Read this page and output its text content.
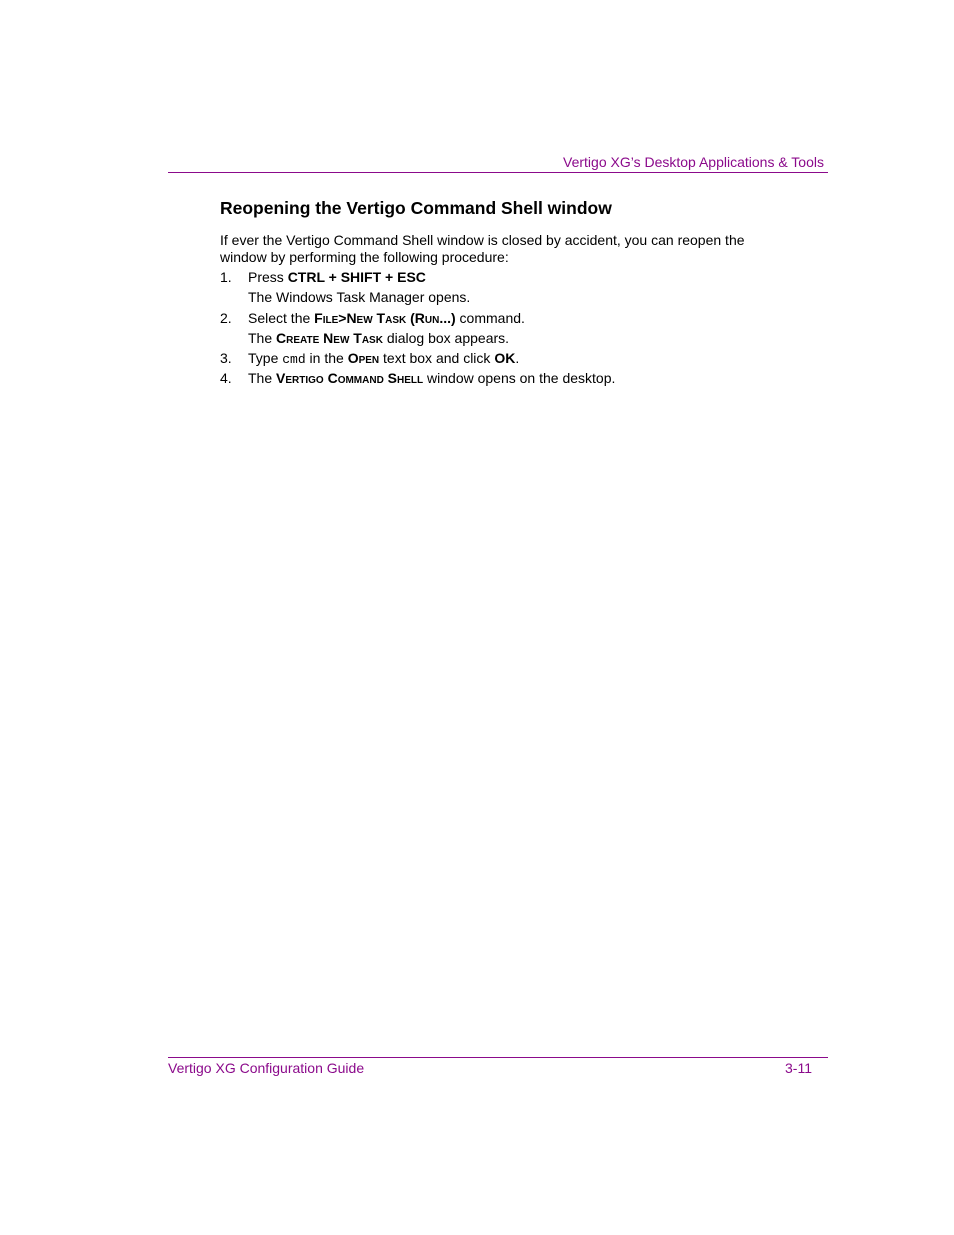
Vertigo XG’s Desktop Applications & Tools
Reopening the Vertigo Command Shell window

If ever the Vertigo Command Shell window is closed by accident, you can reopen the window by performing the following procedure:

1. Press CTRL + SHIFT + ESC
The Windows Task Manager opens.
2. Select the File>New Task (Run...) command.
The Create New Task dialog box appears.
3. Type cmd in the Open text box and click OK.
4. The Vertigo Command Shell window opens on the desktop.
Vertigo XG Configuration Guide	3-11
